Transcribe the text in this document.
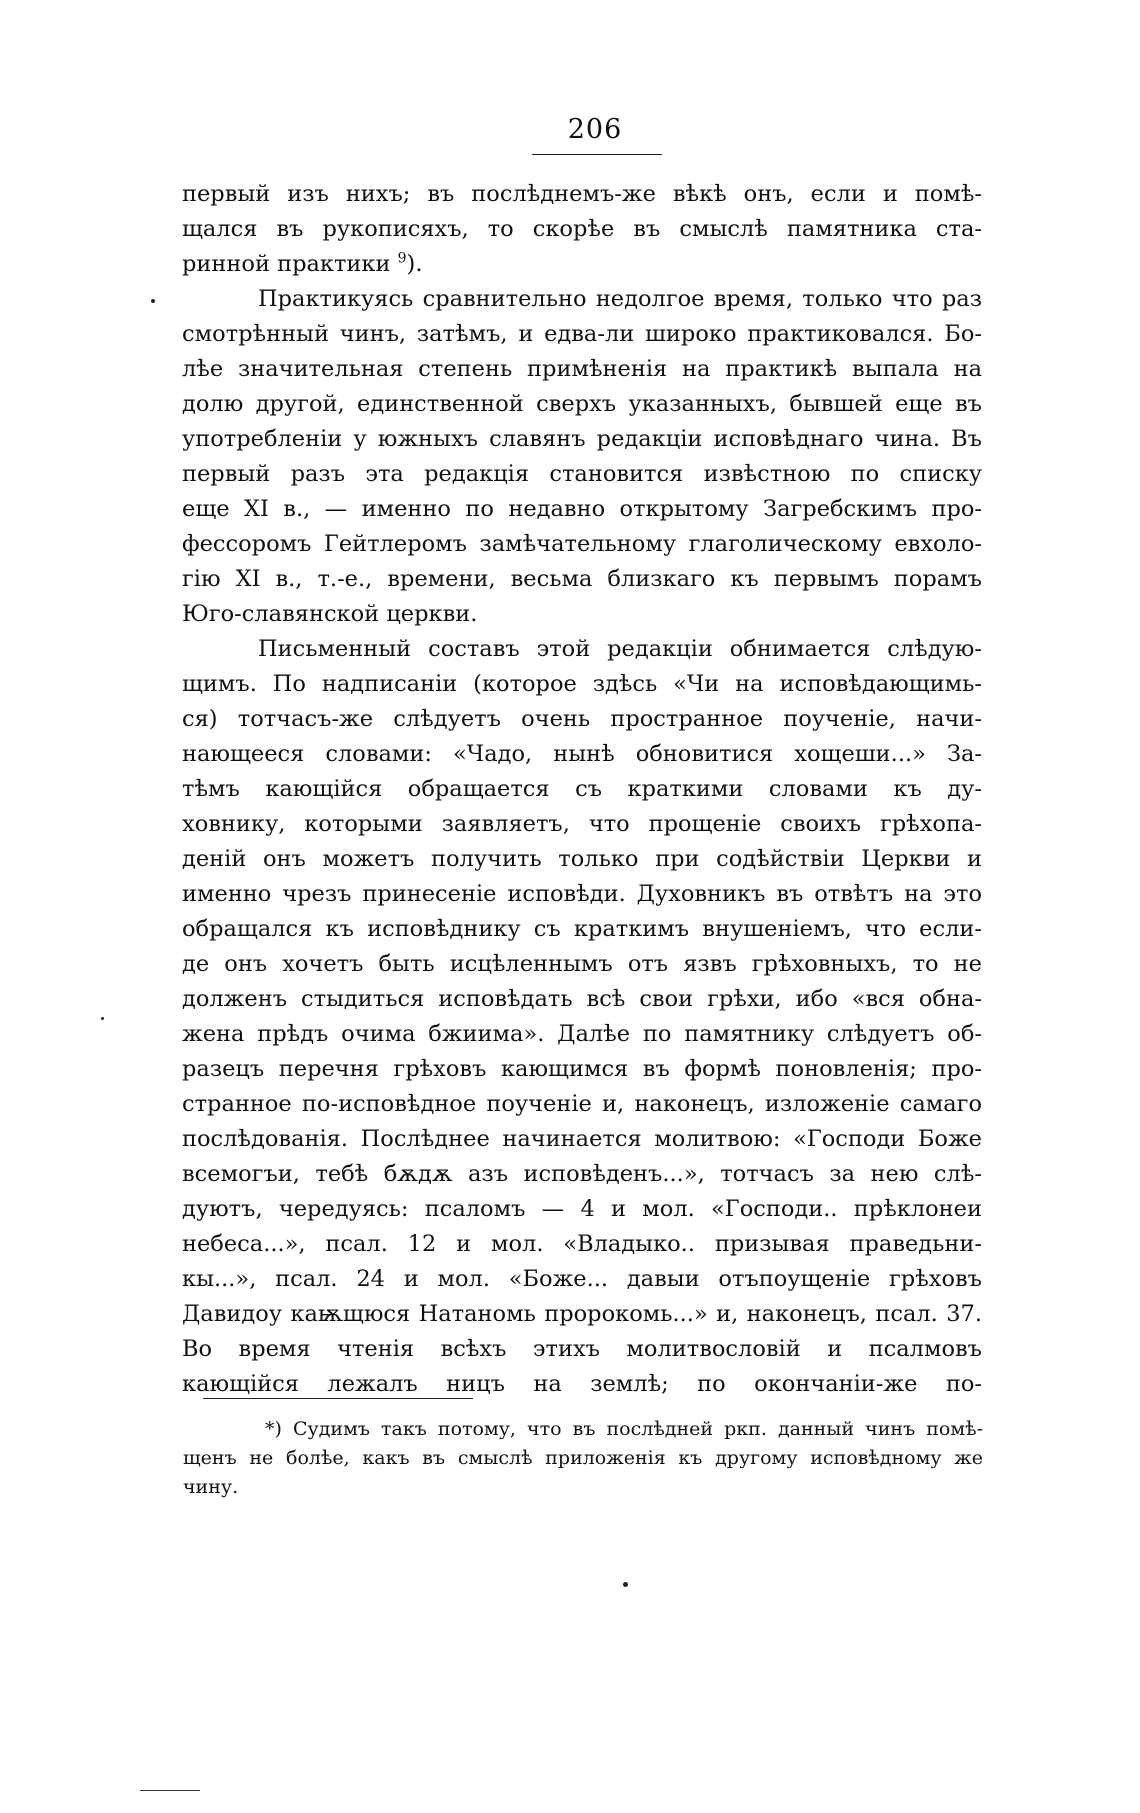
206
первый изъ нихъ; въ послѣднемъ-же вѣкѣ онъ, если и помѣ-
щался въ рукописяхъ, то скорѣе въ смыслѣ памятника ста-
ринной практики $^9$).
Практикуясь сравнительно недолгое время, только что раз
смотрѣнный чинъ, затѣмъ, и едва-ли широко практиковался. Бо-
лѣе значительная степень примѣненія на практикѣ выпала на
долю другой, единственной сверхъ указанныхъ, бывшей еще въ
употребленіи у южныхъ славянъ редакціи исповѣднаго чина. Въ
первый разъ эта редакція становится извѣстною по списку
еще XI в., — именно по недавно открытому Загребскимъ про-
фессоромъ Гейтлеромъ замѣчательному глаголическому евхоло-
гію XI в., т.-е., времени, весьма близкаго къ первымъ порамъ
Юго-славянской церкви.
Письменный составъ этой редакціи обнимается слѣдую-
щимъ. По надписаніи (которое здѣсь «Чи на исповѣдающимь-
ся) тотчасъ-же слѣдуетъ очень пространное поученіе, начи-
нающееся словами: «Чадо, нынѣ обновитися хощеши...» За-
тѣмъ кающійся обращается съ краткими словами къ ду-
ховнику, которыми заявляетъ, что прощеніе своихъ грѣхопа-
деній онъ можетъ получить только при содѣйствіи Церкви и
именно чрезъ принесеніе исповѣди. Духовникъ въ отвѣтъ на это
обращался къ исповѣднику съ краткимъ внушеніемъ, что если-
де онъ хочетъ быть исцѣленнымъ отъ язвъ грѣховныхъ, то не
долженъ стыдиться исповѣдать всѣ свои грѣхи, ибо «вся обна-
жена прѣдъ очима бжиима». Далѣе по памятнику слѣдуетъ об-
разецъ перечня грѣховъ кающимся въ формѣ поновленія; про-
странное по-исповѣдное поученіе и, наконецъ, изложеніе самаго
послѣдованія. Послѣднее начинается молитвою: «Господи Боже
всемогъи, тебѣ бѫдѫ азъ исповѣденъ...», тотчасъ за нею слѣ-
дуютъ, чередуясь: псаломъ — 4 и мол. «Господи.. прѣклонеи
небеса...», псал. 12 и мол. «Владыко.. призывая праведьни-
кы...», псал. 24 и мол. «Боже... давыи отъпоущеніе грѣховъ
Давидоу каѭщюся Натаномь пророкомь...» и, наконецъ, псал. 37.
Во время чтенія всѣхъ этихъ молитвословій и псалмовъ
кающійся лежалъ ницъ на землѣ; по окончаніи-же по-
*) Судимъ такъ потому, что въ послѣдней ркп. данный чинъ помѣ-
щенъ не болѣе, какъ въ смыслѣ приложенія къ другому исповѣдному же
чину.
